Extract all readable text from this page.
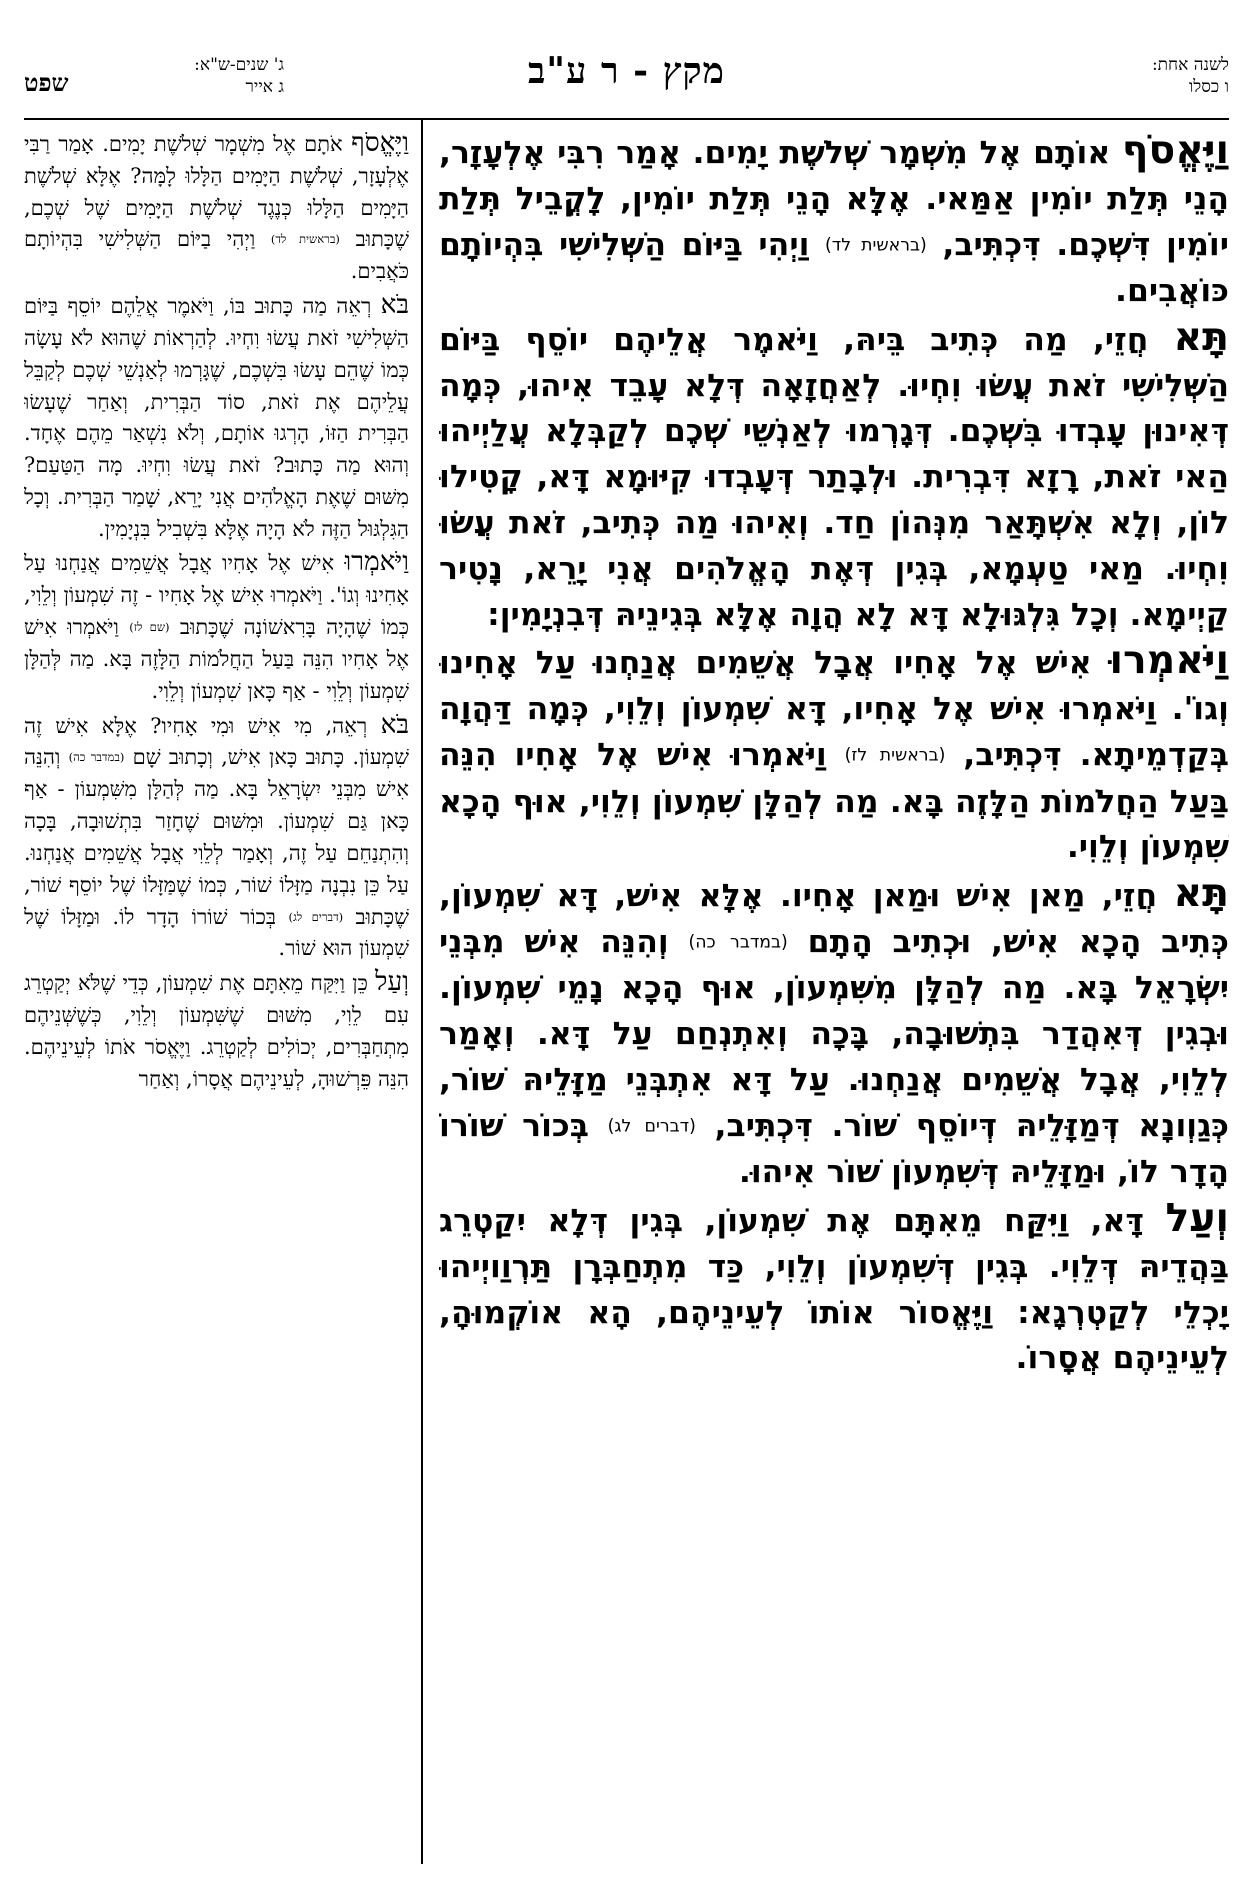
לשנה אחת:
ו כסלו
מקץ - ר ע"ב
ג' שנים-ש"א:
ג אייר
שפט

וַיֶּאֱסֹף אוֹתָם אֶל מִשְׁמָר שְׁלֹשֶׁת יָמִים. אָמַר רִבִּי אֶלְעָזָר, הָנֵי תְּלַת יוֹמִין אַמַּאי. אֶלָּא הָנֵי תְּלַת יוֹמִין, לָקֳבֵיל תְּלַת יוֹמִין דִּשְׁכֶם. דִּכְתִּיב, (בראשית לד) וַיְהִי בַּיּוֹם הַשְּׁלִישִׁי בִּהְיוֹתָם כּוֹאֲבִים.

תָּא חֲזֵי, מַה כְּתִיב בֵּיהּ, וַיֹּאמֶר אֲלֵיהֶם יוֹסֵף בַּיּוֹם הַשְּׁלִישִׁי זֹאת עֲשׂוּ וִחְיוּ. לְאַחֲזָאָה דְּלָא עָבֵד אִיהוּ, כְּמָה דְּאִינוּן עָבְדוּ בִּשְׁכֶם. דְּגָרְמוּ לְאַנְשֵׁי שְׁכֶם לְקַבְּלָא עֲלַיְיהוּ הַאי זֹאת, רָזָא דִּבְרִית. וּלְבָתַר דְּעָבְדוּ קִיּוּמָא דָּא, קָטִילוּ לוֹן, וְלָא אִשְׁתָּאַר מִנְּהוֹן חַד. וְאִיהוּ מַה כְּתִיב, זֹאת עֲשׂוּ וִחְיוּ. מַאי טַעְמָא, בְּגִין דְּאֶת הָאֱלֹהִים אֲנִי יָרֵא, נָטִיר קַיְימָא. וְכָל גִּלְגּוּלָא דָּא לָא הֲוָה אֶלָּא בְּגִינֵיהּ דְּבִנְיָמִין:

וַיֹּאמְרוּ אִישׁ אֶל אָחִיו אֲבָל אֲשֵׁמִים אֲנַחְנוּ עַל אָחִינוּ וְגוֹ'. וַיֹּאמְרוּ אִישׁ אֶל אָחִיו, דָּא שִׁמְעוֹן וְלֵוִי, כְּמָה דַּהֲוָה בְּקַדְמֵיתָא. דִּכְתִּיב, (בראשית לז) וַיֹּאמְרוּ אִישׁ אֶל אָחִיו הִנֵּה בַּעַל הַחֲלֹמוֹת הַלָּזֶה בָּא. מַה לְהַלָּן שִׁמְעוֹן וְלֵוִי, אוּף הָכָא שִׁמְעוֹן וְלֵוִי.

תָּא חֲזֵי, מַאן אִישׁ וּמַאן אָחִיו. אֶלָּא אִישׁ, דָּא שִׁמְעוֹן, כְּתִיב הָכָא אִישׁ, וּכְתִיב הָתָם (במדבר כה) וְהִנֵּה אִישׁ מִבְּנֵי יִשְׂרָאֵל בָּא. מַה לְהַלָּן מִשִּׁמְעוֹן, אוּף הָכָא נָמֵי שִׁמְעוֹן. וּבְגִין דְּאִהֲדַר בִּתְשׁוּבָה, בָּכָה וְאִתְנְחַם עַל דָּא. וְאָמַר לְלֵוִי, אֲבָל אֲשֵׁמִים אֲנַחְנוּ. עַל דָּא אִתְבְּנֵי מַזָּלֵיהּ שׁוֹר, כְּגַוְונָא דְּמַזָּלֵיהּ דְּיוֹסֵף שׁוֹר. דִּכְתִּיב, (דברים לג) בְּכוֹר שׁוֹרוֹ הָדָר לוֹ, וּמַזָּלֵיהּ דְּשִׁמְעוֹן שׁוֹר אִיהוּ.

וְעַל דָּא, וַיִּקַּח מֵאִתָּם אֶת שִׁמְעוֹן, בְּגִין דְּלָא יִקַטְרֵג בַּהֲדֵיהּ דְּלֵוִי. בְּגִין דְּשִׁמְעוֹן וְלֵוִי, כַּד מִתְחַבְּרָן תַּרְוַויְיהוּ יָכְלֵי לְקַטְרְגָא: וַיֶּאֱסוֹר אוֹתוֹ לְעֵינֵיהֶם, הָא אוֹקְמוּהָ, לְעֵינֵיהֶם אֲסָרוֹ.

וַיֶּאֱסֹף אֹתָם אֶל מִשְׁמָר שְׁלֹשֶׁת יָמִים. אָמַר רַבִּי אֶלְעָזָר, שְׁלֹשֶׁת הַיָּמִים הַלָּלוּ לָמָּה? אֶלָּא שְׁלֹשֶׁת הַיָּמִים הַלָּלוּ כְּנֶגֶד שְׁלֹשֶׁת הַיָּמִים שֶׁל שְׁכֶם, שֶׁכָּתוּב (בראשית לד) וַיְהִי בַיּוֹם הַשְּׁלִישִׁי בִּהְיוֹתָם כֹּאֲבִים.

בֹּא רְאֵה מַה כָּתוּב בּוֹ, וַיֹּאמֶר אֲלֵהֶם יוֹסֵף בַּיּוֹם הַשְּׁלִישִׁי זֹאת עֲשׂוּ וִחְיוּ. לְהַרְאוֹת שֶׁהוּא לֹא עָשָׂה כְּמוֹ שֶׁהֵם עָשׂוּ בִּשְׁכֶם, שֶׁגָּרְמוּ לְאַנְשֵׁי שְׁכֶם לְקַבֵּל עֲלֵיהֶם אֶת זֹאת, סוֹד הַבְּרִית, וְאַחַר שֶׁעָשׂוּ הַבְּרִית הַזּוֹ, הָרְגוּ אוֹתָם, וְלֹא נִשְׁאַר מֵהֶם אֶחָד. וְהוּא מַה כָּתוּב? זֹאת עֲשׂוּ וִחְיוּ. מָה הַטַּעַם? מִשּׁוּם שֶׁאֶת הָאֱלֹהִים אֲנִי יָרֵא, שָׁמַר הַבְּרִית. וְכָל הַגִּלְגּוּל הַזֶּה לֹא הָיָה אֶלָּא בִּשְׁבִיל בִּנְיָמִין.

וַיֹּאמְרוּ אִישׁ אֶל אָחִיו אֲבָל אֲשֵׁמִים אֲנַחְנוּ עַל אָחִינוּ וְגוֹ'. וַיֹּאמְרוּ אִישׁ אֶל אָחִיו - זֶה שִׁמְעוֹן וְלֵוִי, כְּמוֹ שֶׁהָיָה בָּרִאשׁוֹנָה שֶׁכָּתוּב (שם לז) וַיֹּאמְרוּ אִישׁ אֶל אָחִיו הִנֵּה בַּעַל הַחֲלֹמוֹת הַלָּזֶה בָּא. מַה לְּהַלָּן שִׁמְעוֹן וְלֵוִי - אַף כָּאן שִׁמְעוֹן וְלֵוִי.

בֹּא רְאֵה, מִי אִישׁ וּמִי אָחִיו? אֶלָּא אִישׁ זֶה שִׁמְעוֹן. כָּתוּב כָּאן אִישׁ, וְכָתוּב שָׁם (במדבר כה) וְהִנֵּה אִישׁ מִבְּנֵי יִשְׂרָאֵל בָּא. מַה לְּהַלָּן מִשִּׁמְעוֹן - אַף כָּאן גַּם שִׁמְעוֹן. וּמִשּׁוּם שֶׁחָזַר בִּתְשׁוּבָה, בָּכָה וְהִתְנַחֵם עַל זֶה, וְאָמַר לְלֵוִי אֲבָל אֲשֵׁמִים אֲנַחְנוּ. עַל כֵּן נִבְנָה מַזָּלוֹ שׁוֹר, כְּמוֹ שֶׁמַּזָּלוֹ שֶׁל יוֹסֵף שׁוֹר, שֶׁכָּתוּב (דברים לג) בְּכוֹר שׁוֹרוֹ הָדָר לוֹ. וּמַזָּלוֹ שֶׁל שִׁמְעוֹן הוּא שׁוֹר.

וְעַל כֵּן וַיִּקַּח מֵאִתָּם אֶת שִׁמְעוֹן, כְּדֵי שֶׁלֹּא יְקַטְרֵג עִם לֵוִי, מִשּׁוּם שֶׁשִּׁמְעוֹן וְלֵוִי, כְּשֶׁשְּׁנֵיהֶם מִתְחַבְּרִים, יְכוֹלִים לְקַטְרֵג. וַיֶּאֱסֹר אֹתוֹ לְעֵינֵיהֶם. הִנֵּה פֵּרְשׁוּהָ, לְעֵינֵיהֶם אֲסָרוֹ, וְאַחַר
